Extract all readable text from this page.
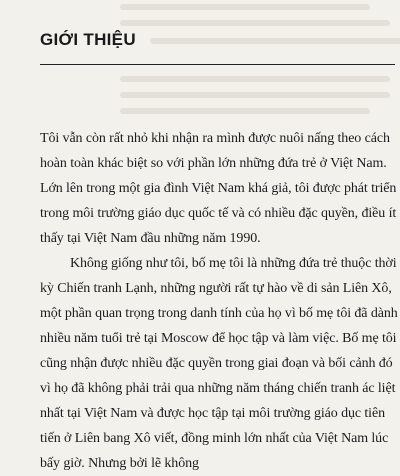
GIỚI THIỆU

Tôi vẫn còn rất nhỏ khi nhận ra mình được nuôi nấng theo cách hoàn toàn khác biệt so với phần lớn những đứa trẻ ở Việt Nam. Lớn lên trong một gia đình Việt Nam khá giả, tôi được phát triển trong môi trường giáo dục quốc tế và có nhiều đặc quyền, điều ít thấy tại Việt Nam đầu những năm 1990.

Không giống như tôi, bố mẹ tôi là những đứa trẻ thuộc thời kỳ Chiến tranh Lạnh, những người rất tự hào về di sản Liên Xô, một phần quan trọng trong danh tính của họ vì bố mẹ tôi đã dành nhiều năm tuổi trẻ tại Moscow để học tập và làm việc. Bố mẹ tôi cũng nhận được nhiều đặc quyền trong giai đoạn và bối cảnh đó vì họ đã không phải trải qua những năm tháng chiến tranh ác liệt nhất tại Việt Nam và được học tập tại môi trường giáo dục tiên tiến ở Liên bang Xô viết, đồng minh lớn nhất của Việt Nam lúc bấy giờ. Nhưng bởi lẽ không
